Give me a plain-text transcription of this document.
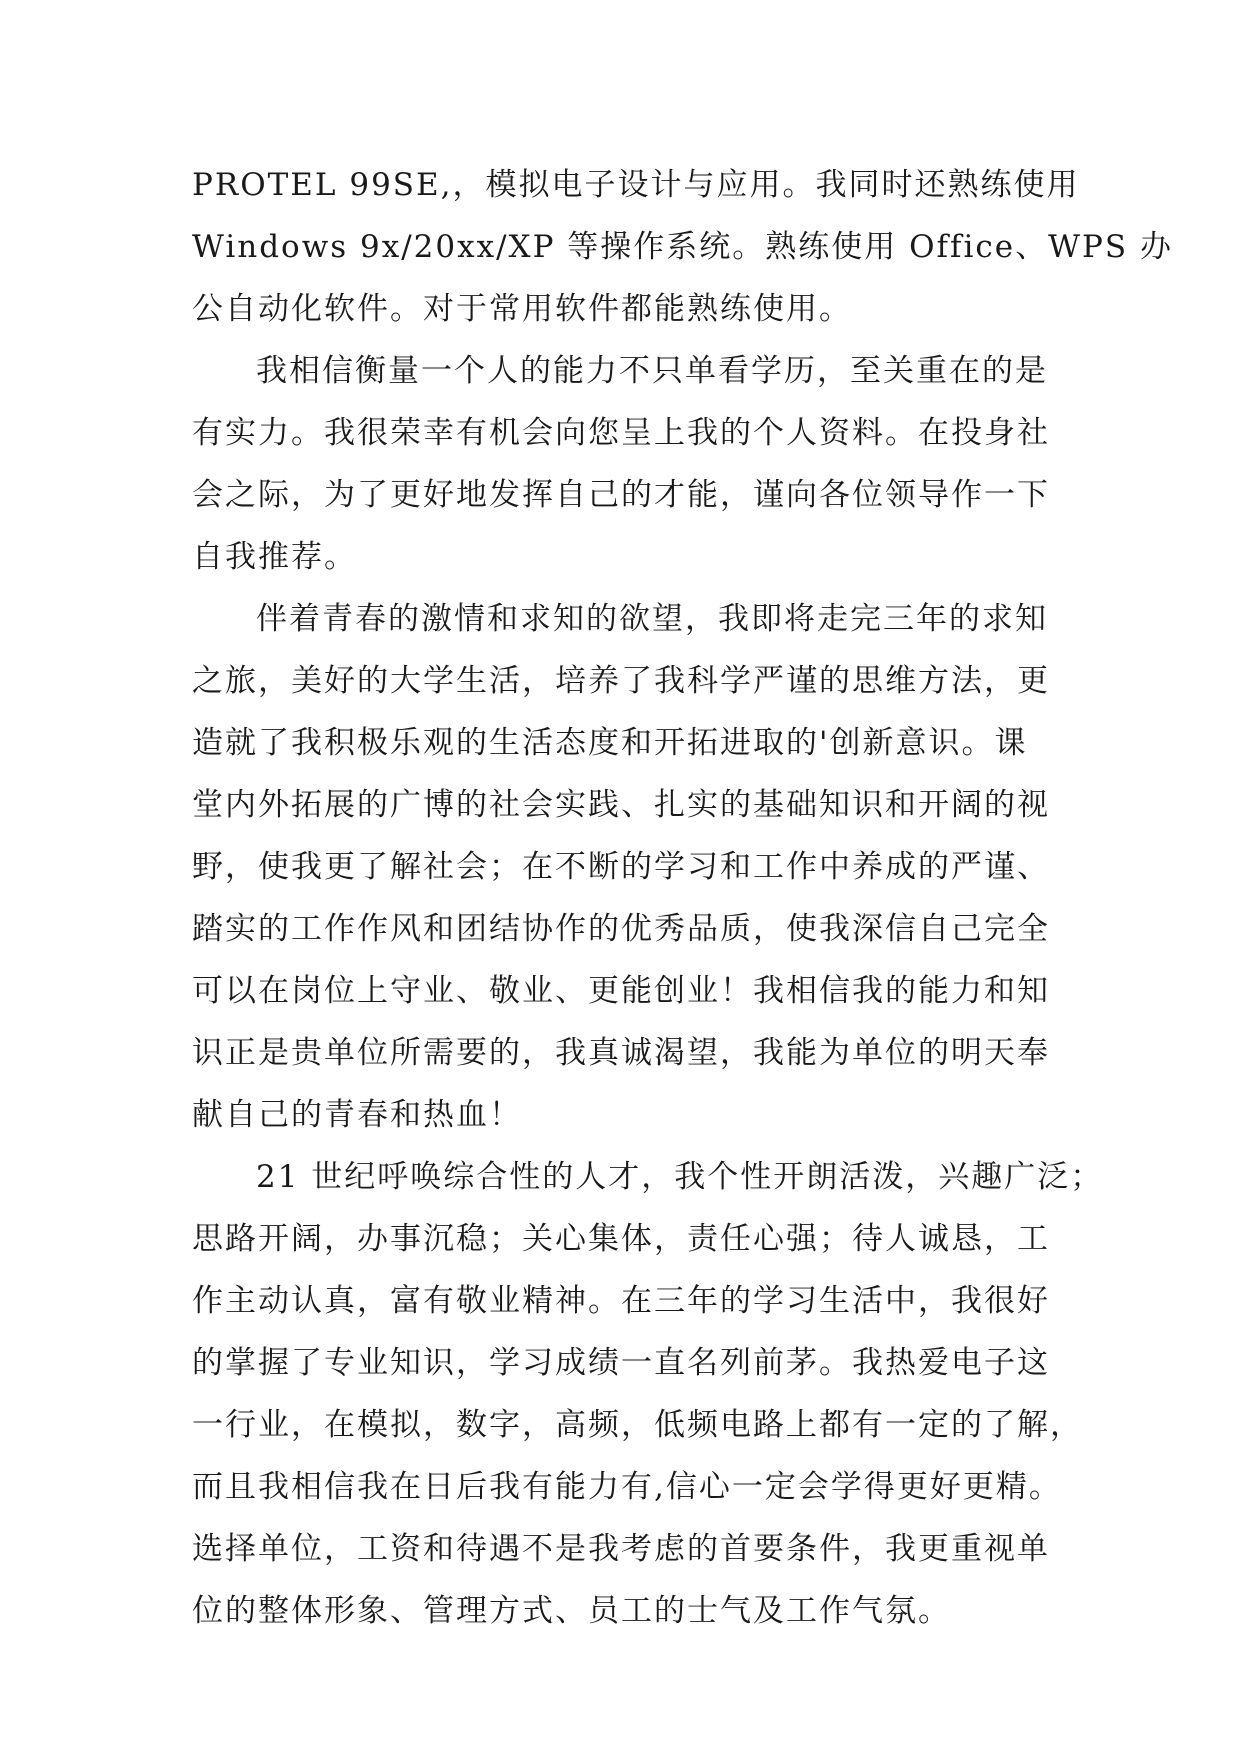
PROTEL 99SE,，模拟电子设计与应用。我同时还熟练使用
Windows 9x/20xx/XP 等操作系统。熟练使用 Office、WPS 办
公自动化软件。对于常用软件都能熟练使用。
我相信衡量一个人的能力不只单看学历，至关重在的是
有实力。我很荣幸有机会向您呈上我的个人资料。在投身社
会之际，为了更好地发挥自己的才能，谨向各位领导作一下
自我推荐。
伴着青春的激情和求知的欲望，我即将走完三年的求知
之旅，美好的大学生活，培养了我科学严谨的思维方法，更
造就了我积极乐观的生活态度和开拓进取的'创新意识。课
堂内外拓展的广博的社会实践、扎实的基础知识和开阔的视
野，使我更了解社会；在不断的学习和工作中养成的严谨、
踏实的工作作风和团结协作的优秀品质，使我深信自己完全
可以在岗位上守业、敬业、更能创业！我相信我的能力和知
识正是贵单位所需要的，我真诚渴望，我能为单位的明天奉
献自己的青春和热血！
21 世纪呼唤综合性的人才，我个性开朗活泼，兴趣广泛；
思路开阔，办事沉稳；关心集体，责任心强；待人诚恳，工
作主动认真，富有敬业精神。在三年的学习生活中，我很好
的掌握了专业知识，学习成绩一直名列前茅。我热爱电子这
一行业，在模拟，数字，高频，低频电路上都有一定的了解，
而且我相信我在日后我有能力有,信心一定会学得更好更精。
选择单位，工资和待遇不是我考虑的首要条件，我更重视单
位的整体形象、管理方式、员工的士气及工作气氛。
